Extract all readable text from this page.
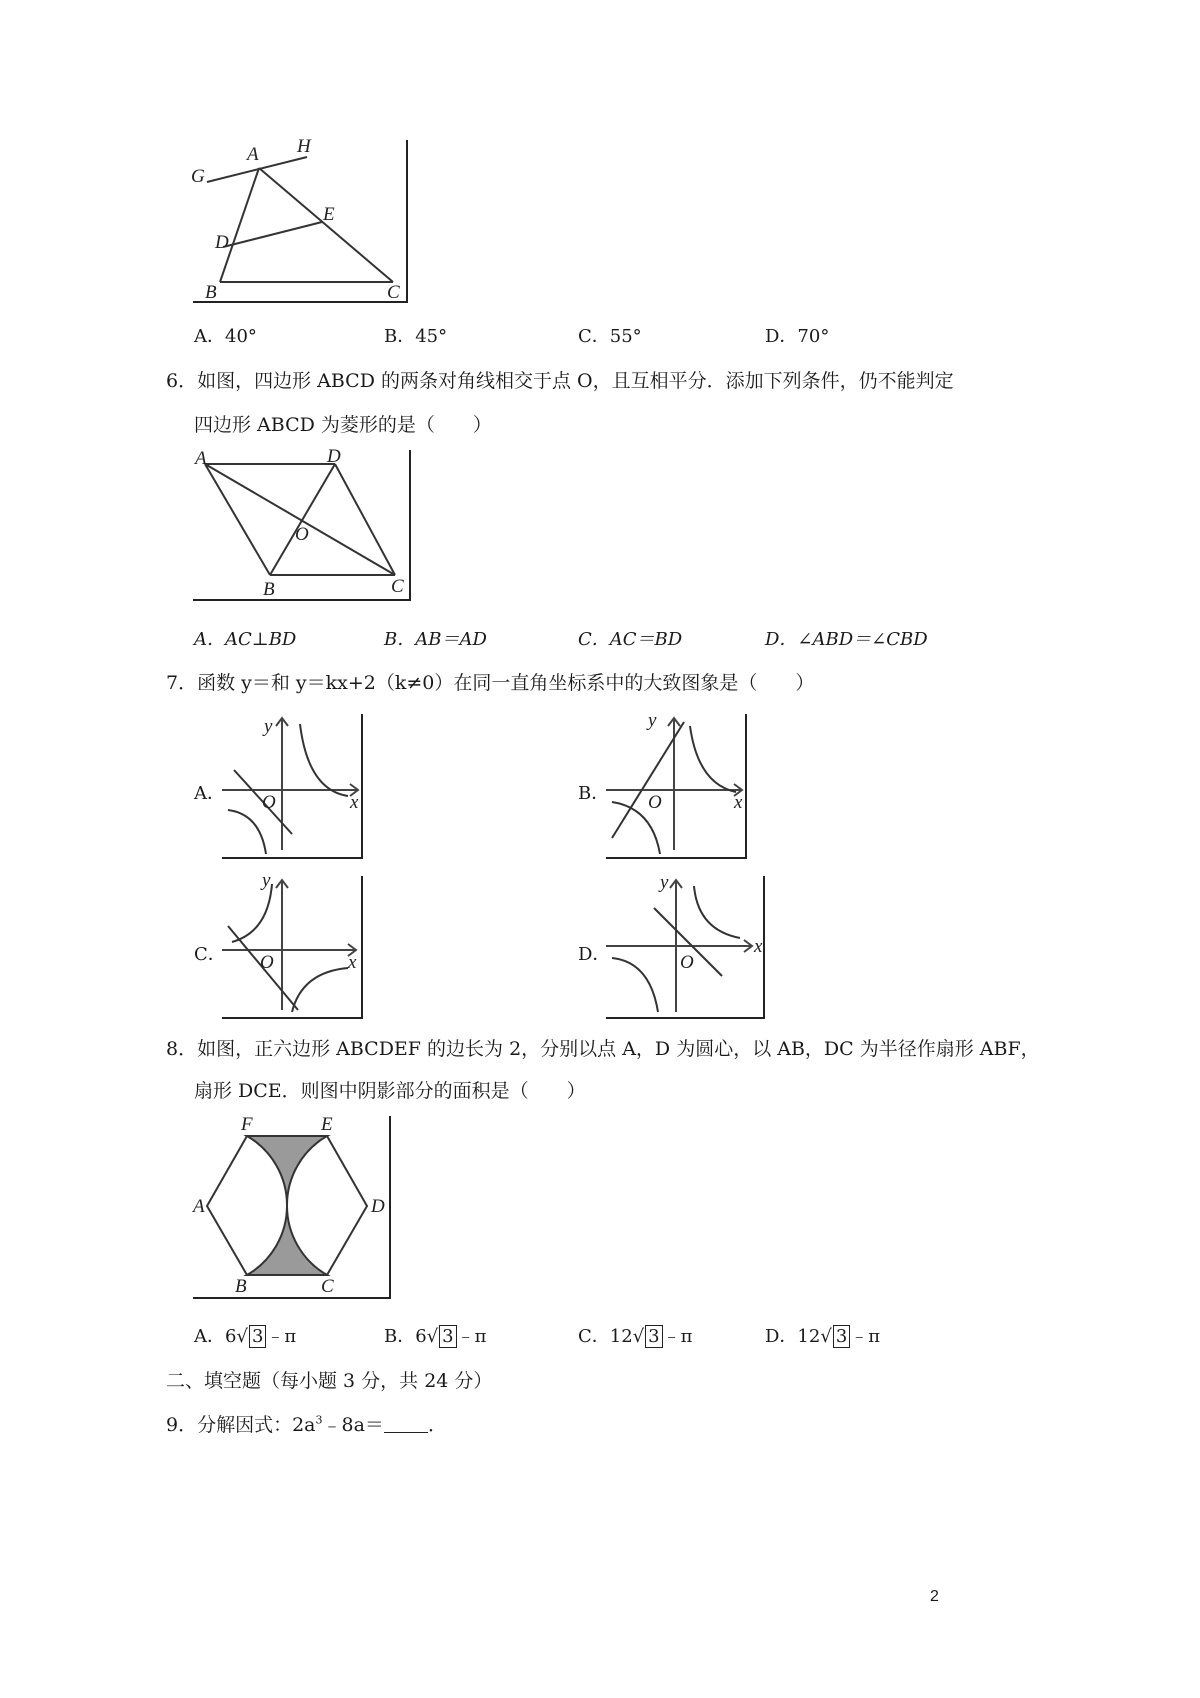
A H
G
E
D
B	C
A．40°	B．45°	C．55°	D．70°
6．如图，四边形 ABCD 的两条对角线相交于点 O，且互相平分．添加下列条件，仍不能判定
四边形 ABCD 为菱形的是（　　）
A	D
O
B	C
A．AC⊥BD	B．AB＝AD	C．AC＝BD	D．∠ABD＝∠CBD
7．函数 y＝和 y＝kx+2（k≠0）在同一直角坐标系中的大致图象是（　　）
A．
y
x
O	B．
y
x
O
C．
y
x
O	D．
y
x
O
8．如图，正六边形 ABCDEF 的边长为 2，分别以点 A，D 为圆心，以 AB，DC 为半径作扇形 ABF，
扇形 DCE．则图中阴影部分的面积是（　　）
F	E
A	D
B	C
A．6√ 3 ﹣π	B．6√ 3 ﹣π	C．12√ 3 ﹣π	D．12√ 3 ﹣π
二、填空题（每小题 3 分，共 24 分）
9．分解因式：$2a^3﹣8a=$ ．
2
